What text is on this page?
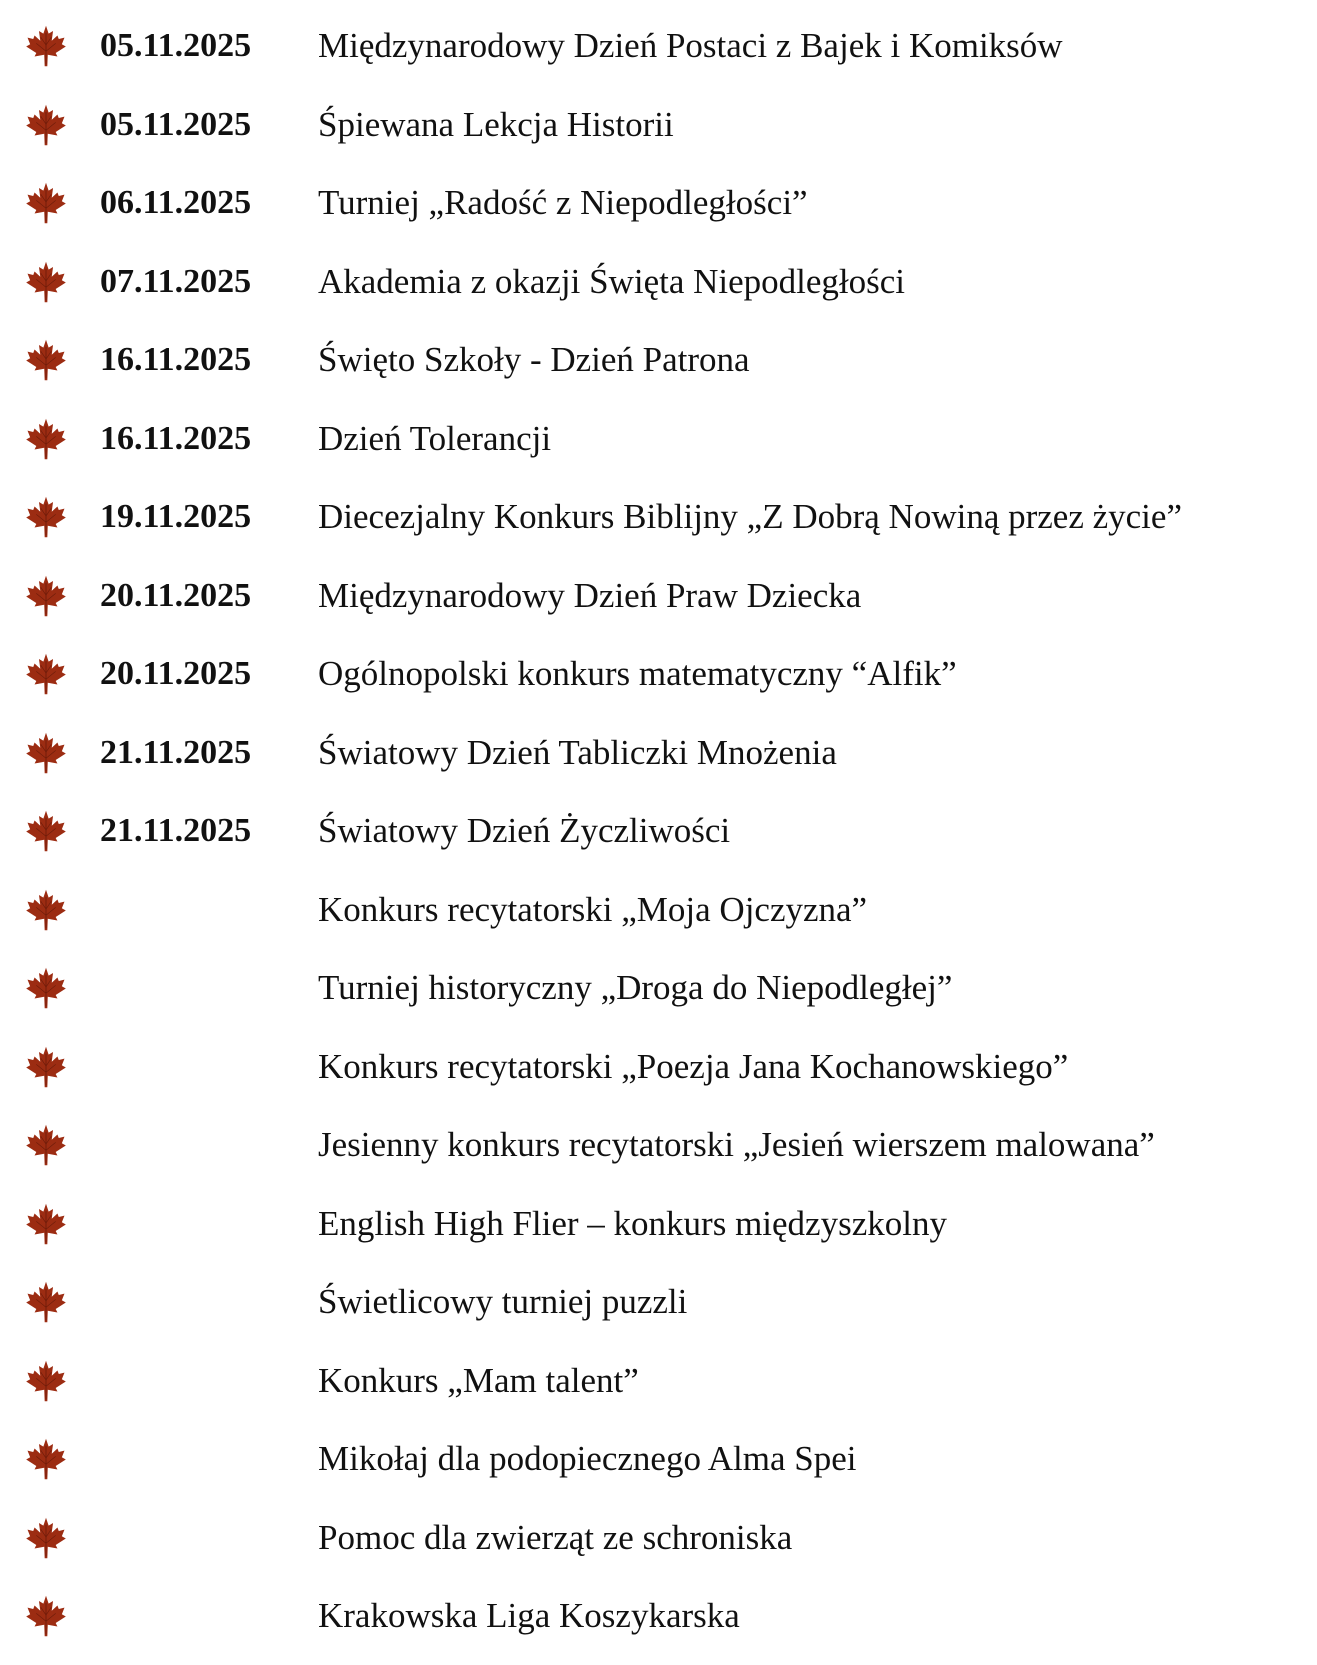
05.11.2025 Międzynarodowy Dzień Postaci z Bajek i Komiksów
05.11.2025 Śpiewana Lekcja Historii
06.11.2025 Turniej „Radość z Niepodległości”
07.11.2025 Akademia z okazji Święta Niepodległości
16.11.2025 Święto Szkoły - Dzień Patrona
16.11.2025 Dzień Tolerancji
19.11.2025 Diecezjalny Konkurs Biblijny „Z Dobrą Nowiną przez życie”
20.11.2025 Międzynarodowy Dzień Praw Dziecka
20.11.2025 Ogólnopolski konkurs matematyczny “Alfik”
21.11.2025 Światowy Dzień Tabliczki Mnożenia
21.11.2025 Światowy Dzień Życzliwości
Konkurs recytatorski „Moja Ojczyzna”
Turniej historyczny „Droga do Niepodległej”
Konkurs recytatorski „Poezja Jana Kochanowskiego”
Jesienny konkurs recytatorski „Jesień wierszem malowana”
English High Flier – konkurs międzyszkolny
Świetlicowy turniej puzzli
Konkurs „Mam talent”
Mikołaj dla podopiecznego Alma Spei
Pomoc dla zwierząt ze schroniska
Krakowska Liga Koszykarska
